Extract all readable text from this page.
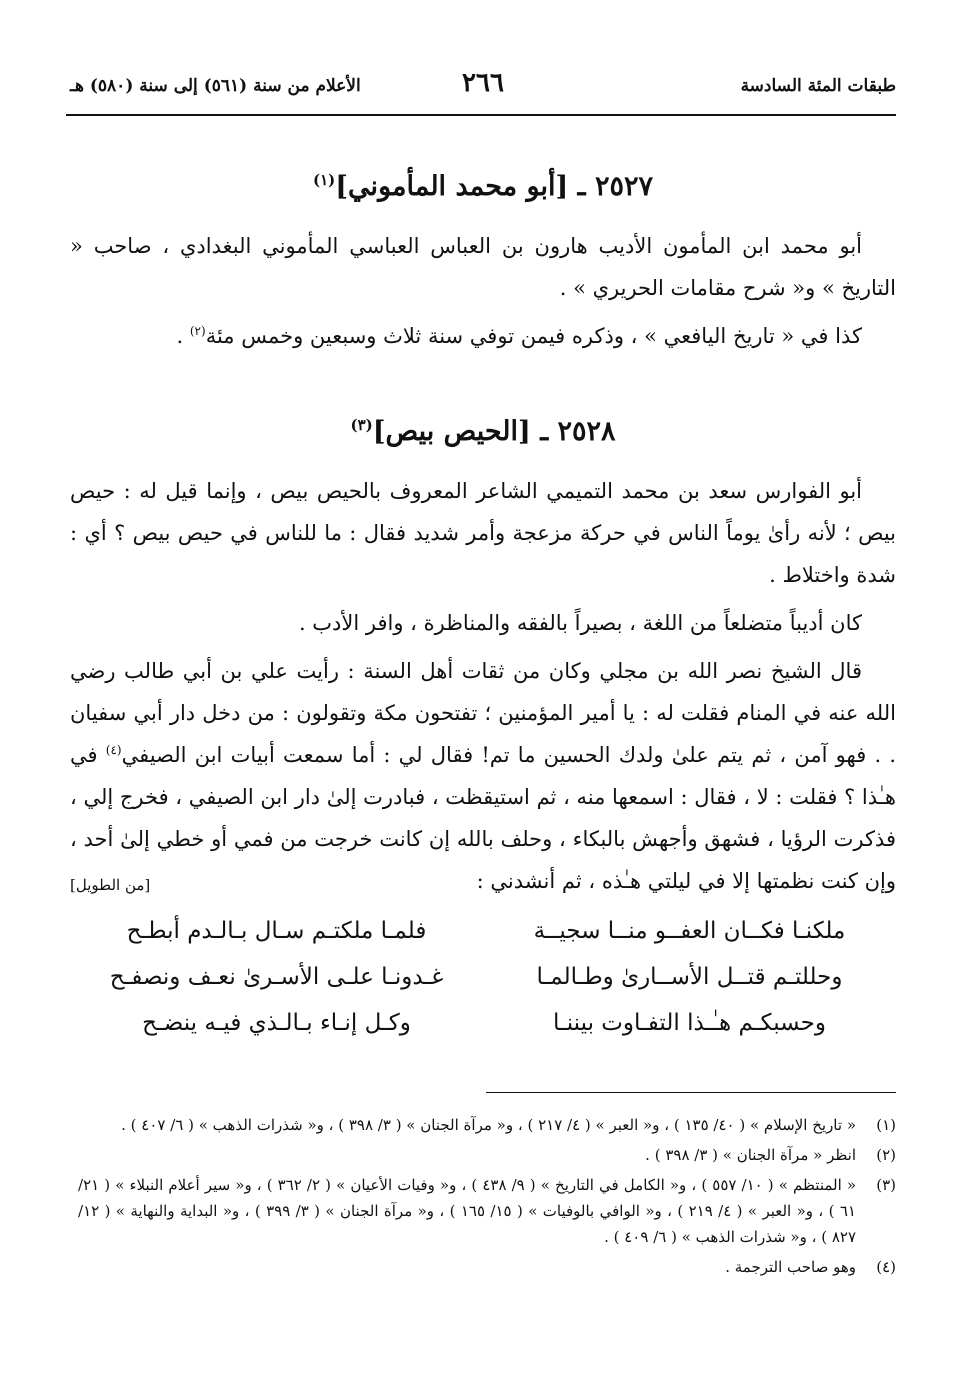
طبقات المئة السادسة
٢٦٦
الأعلام من سنة (٥٦١) إلى سنة (٥٨٠) هـ
٢٥٢٧ ـ [أبو محمد المأموني]$^{(١)}$

أبو محمد ابن المأمون الأديب هارون بن العباس العباسي المأموني البغدادي ، صاحب « التاريخ » و« شرح مقامات الحريري » .

كذا في « تاريخ اليافعي » ، وذكره فيمن توفي سنة ثلاث وسبعين وخمس مئة$^{(٢)}$ .

٢٥٢٨ ـ [الحيص بيص]$^{(٣)}$

أبو الفوارس سعد بن محمد التميمي الشاعر المعروف بالحيص بيص ، وإنما قيل له : حيص بيص ؛ لأنه رأىٰ يوماً الناس في حركة مزعجة وأمر شديد فقال : ما للناس في حيص بيص ؟ أي : شدة واختلاط .

كان أديباً متضلعاً من اللغة ، بصيراً بالفقه والمناظرة ، وافر الأدب .

قال الشيخ نصر الله بن مجلي وكان من ثقات أهل السنة : رأيت علي بن أبي طالب رضي الله عنه في المنام فقلت له : يا أمير المؤمنين ؛ تفتحون مكة وتقولون : من دخل دار أبي سفيان . . فهو آمن ، ثم يتم علىٰ ولدك الحسين ما تم! فقال لي : أما سمعت أبيات ابن الصيفي$^{(٤)}$ في هـٰذا ؟ فقلت : لا ، فقال : اسمعها منه ، ثم استيقظت ، فبادرت إلىٰ دار ابن الصيفي ، فخرج إلي ، فذكرت الرؤيا ، فشهق وأجهش بالبكاء ، وحلف بالله إن كانت خرجت من فمي أو خطي إلىٰ أحد ، وإن كنت نظمتها إلا في ليلتي هـٰذه ، ثم أنشدني :
[من الطويل]

ملكنـا فكــان العفــو منــا سجيــة
فلمـا ملكتـم سـال بـالـدم أبطـح
وحللتـم قتــل الأســارىٰ وطـالمـا
غـدونـا علـى الأسـرىٰ نعـف ونصفـح
وحسبكـم هـٰـذا التفـاوت بيننـا
وكـل إنـاء بـالـذي فيـه ينضـح
(١)
« تاريخ الإسلام » ( ٤٠/ ١٣٥ ) ، و« العبر » ( ٤/ ٢١٧ ) ، و« مرآة الجنان » ( ٣/ ٣٩٨ ) ، و« شذرات الذهب » ( ٦/ ٤٠٧ ) .
(٢)
انظر « مرآة الجنان » ( ٣/ ٣٩٨ ) .
(٣)
« المنتظم » ( ١٠/ ٥٥٧ ) ، و« الكامل في التاريخ » ( ٩/ ٤٣٨ ) ، و« وفيات الأعيان » ( ٢/ ٣٦٢ ) ، و« سير أعلام النبلاء » ( ٢١/ ٦١ ) ، و« العبر » ( ٤/ ٢١٩ ) ، و« الوافي بالوفيات » ( ١٥/ ١٦٥ ) ، و« مرآة الجنان » ( ٣/ ٣٩٩ ) ، و« البداية والنهاية » ( ١٢/ ٨٢٧ ) ، و« شذرات الذهب » ( ٦/ ٤٠٩ ) .
(٤)
وهو صاحب الترجمة .
